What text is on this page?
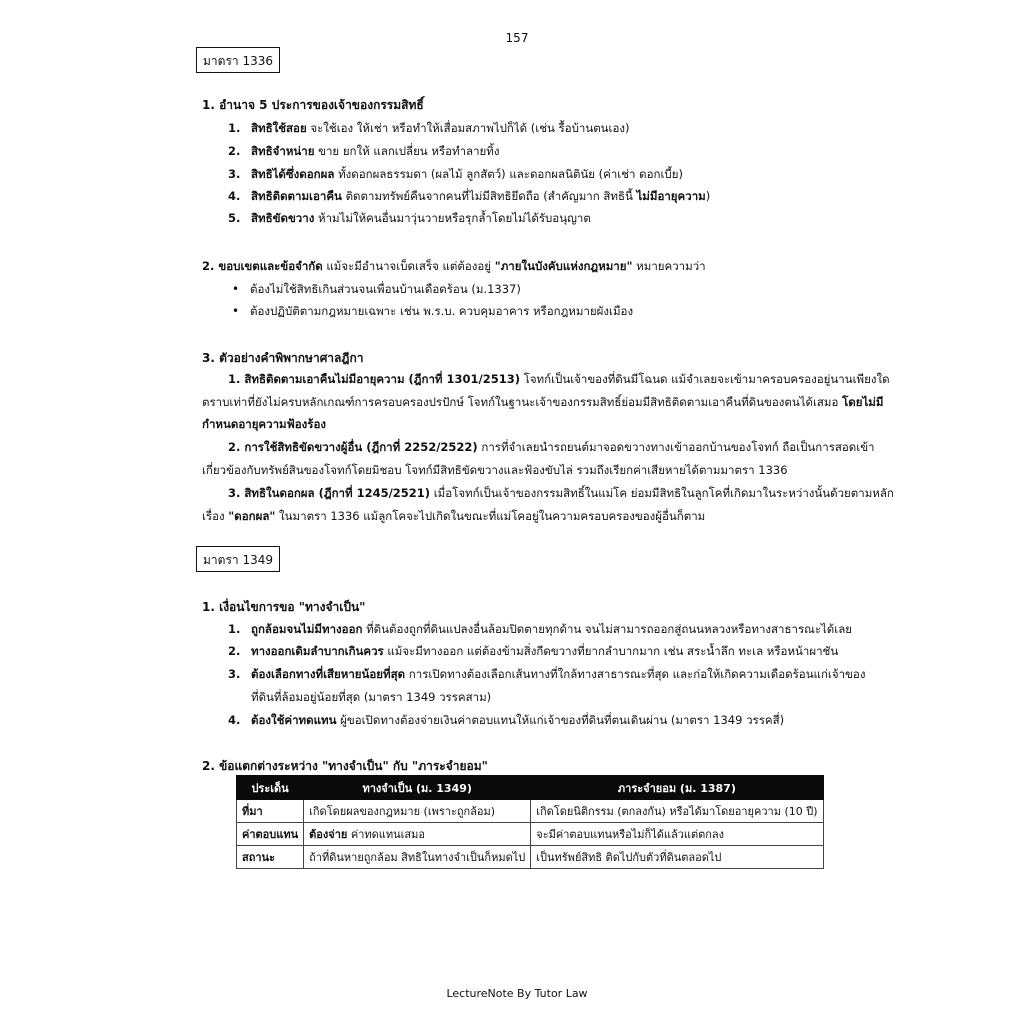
157
มาตรา 1336
1. อำนาจ 5 ประการของเจ้าของกรรมสิทธิ์
1. สิทธิใช้สอย จะใช้เอง ให้เช่า หรือทำให้เสื่อมสภาพไปก็ได้ (เช่น รื้อบ้านตนเอง)
2. สิทธิจำหน่าย ขาย ยกให้ แลกเปลี่ยน หรือทำลายทิ้ง
3. สิทธิได้ซึ่งดอกผล ทั้งดอกผลธรรมดา (ผลไม้ ลูกสัตว์) และดอกผลนิตินัย (ค่าเช่า ดอกเบี้ย)
4. สิทธิติดตามเอาคืน ติดตามทรัพย์คืนจากคนที่ไม่มีสิทธิยึดถือ (สำคัญมาก สิทธินี้ ไม่มีอายุความ)
5. สิทธิขัดขวาง ห้ามไม่ให้คนอื่นมาวุ่นวายหรือรุกล้ำโดยไม่ได้รับอนุญาต
2. ขอบเขตและข้อจำกัด แม้จะมีอำนาจเบ็ดเสร็จ แต่ต้องอยู่ "ภายในบังคับแห่งกฎหมาย" หมายความว่า
•ต้องไม่ใช้สิทธิเกินส่วนจนเพื่อนบ้านเดือดร้อน (ม.1337)
•ต้องปฏิบัติตามกฎหมายเฉพาะ เช่น พ.ร.บ. ควบคุมอาคาร หรือกฎหมายผังเมือง
3. ตัวอย่างคำพิพากษาศาลฎีกา
1. สิทธิติดตามเอาคืนไม่มีอายุความ (ฎีกาที่ 1301/2513) โจทก์เป็นเจ้าของที่ดินมีโฉนด แม้จำเลยจะเข้ามาครอบครองอยู่นานเพียงใด
ตราบเท่าที่ยังไม่ครบหลักเกณฑ์การครอบครองปรปักษ์ โจทก์ในฐานะเจ้าของกรรมสิทธิ์ย่อมมีสิทธิติดตามเอาคืนที่ดินของตนได้เสมอ โดยไม่มี
กำหนดอายุความฟ้องร้อง
2. การใช้สิทธิขัดขวางผู้อื่น (ฎีกาที่ 2252/2522) การที่จำเลยนำรถยนต์มาจอดขวางทางเข้าออกบ้านของโจทก์ ถือเป็นการสอดเข้า
เกี่ยวข้องกับทรัพย์สินของโจทก์โดยมิชอบ โจทก์มีสิทธิขัดขวางและฟ้องขับไล่ รวมถึงเรียกค่าเสียหายได้ตามมาตรา 1336
3. สิทธิในดอกผล (ฎีกาที่ 1245/2521) เมื่อโจทก์เป็นเจ้าของกรรมสิทธิ์ในแม่โค ย่อมมีสิทธิในลูกโคที่เกิดมาในระหว่างนั้นด้วยตามหลัก
เรื่อง "ดอกผล" ในมาตรา 1336 แม้ลูกโคจะไปเกิดในขณะที่แม่โคอยู่ในความครอบครองของผู้อื่นก็ตาม
มาตรา 1349
1. เงื่อนไขการขอ "ทางจำเป็น"
1. ถูกล้อมจนไม่มีทางออก ที่ดินต้องถูกที่ดินแปลงอื่นล้อมปิดตายทุกด้าน จนไม่สามารถออกสู่ถนนหลวงหรือทางสาธารณะได้เลย
2. ทางออกเดิมลำบากเกินควร แม้จะมีทางออก แต่ต้องข้ามสิ่งกีดขวางที่ยากลำบากมาก เช่น สระน้ำลึก ทะเล หรือหน้าผาชัน
3. ต้องเลือกทางที่เสียหายน้อยที่สุด การเปิดทางต้องเลือกเส้นทางที่ใกล้ทางสาธารณะที่สุด และก่อให้เกิดความเดือดร้อนแก่เจ้าของ
ที่ดินที่ล้อมอยู่น้อยที่สุด (มาตรา 1349 วรรคสาม)
4. ต้องใช้ค่าทดแทน ผู้ขอเปิดทางต้องจ่ายเงินค่าตอบแทนให้แก่เจ้าของที่ดินที่ตนเดินผ่าน (มาตรา 1349 วรรคสี่)
2. ข้อแตกต่างระหว่าง "ทางจำเป็น" กับ "ภาระจำยอม"
ประเด็น	ทางจำเป็น (ม. 1349)	ภาระจำยอม (ม. 1387)
ที่มา	เกิดโดยผลของกฎหมาย (เพราะถูกล้อม)	เกิดโดยนิติกรรม (ตกลงกัน) หรือได้มาโดยอายุความ (10 ปี)
ค่าตอบแทน	ต้องจ่าย ค่าทดแทนเสมอ	จะมีค่าตอบแทนหรือไม่ก็ได้แล้วแต่ตกลง
สถานะ	ถ้าที่ดินหายถูกล้อม สิทธิในทางจำเป็นก็หมดไป	เป็นทรัพย์สิทธิ ติดไปกับตัวที่ดินตลอดไป
LectureNote By Tutor Law
